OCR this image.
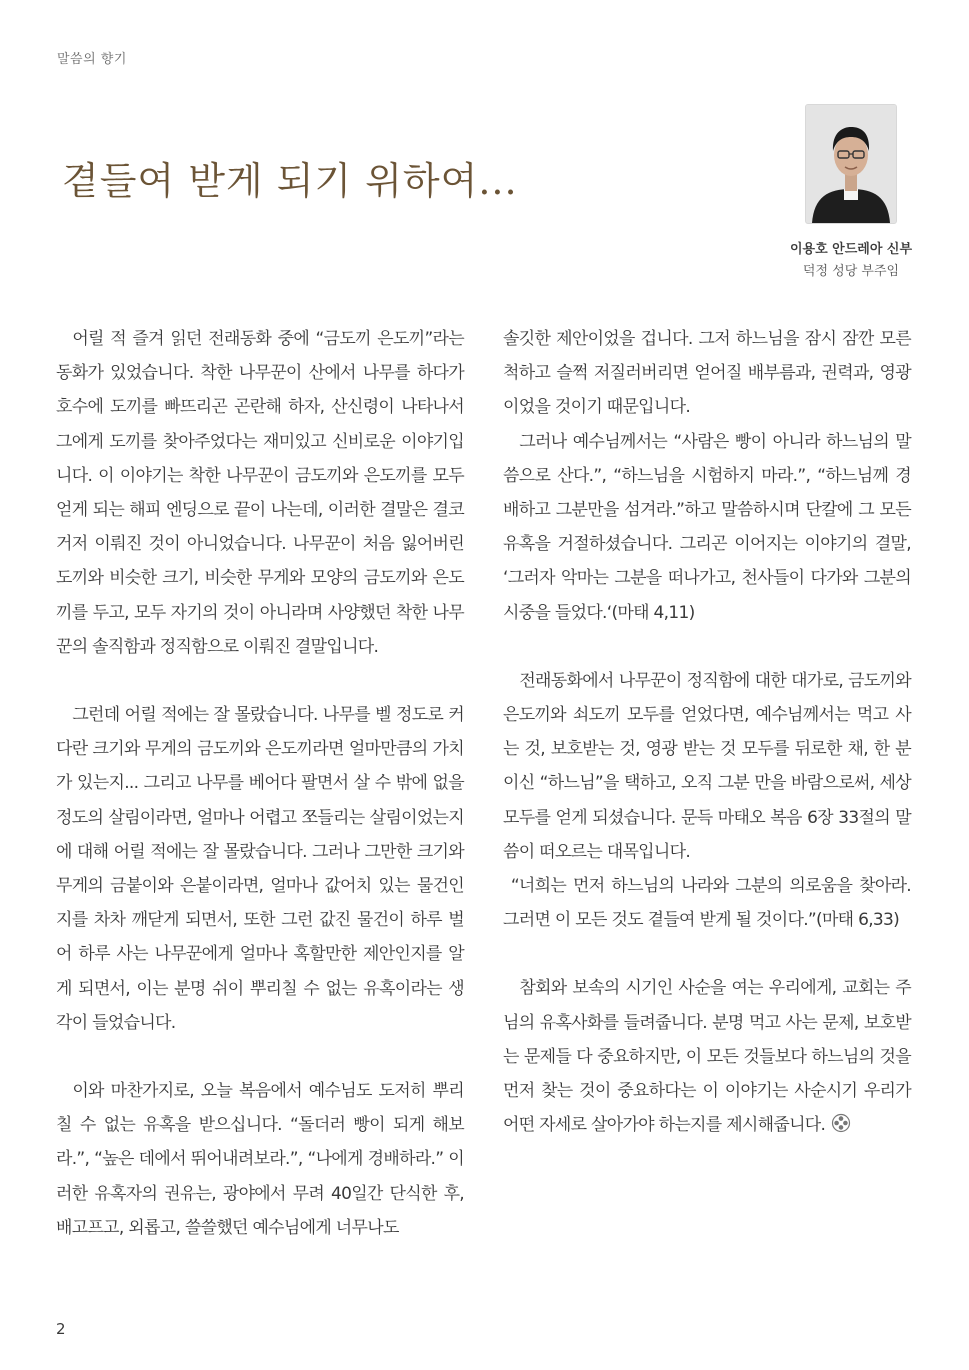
말씀의 향기
곁들여 받게 되기 위하여...
이용호 안드레아 신부
덕정 성당 부주임

 어릴 적 즐겨 읽던 전래동화 중에 “금도끼 은도끼”라는 동화가 있었습니다. 착한 나무꾼이 산에서 나무를 하다가 호수에 도끼를 빠뜨리곤 곤란해 하자, 산신령이 나타나서 그에게 도끼를 찾아주었다는 재미있고 신비로운 이야기입니다. 이 이야기는 착한 나무꾼이 금도끼와 은도끼를 모두 얻게 되는 해피 엔딩으로 끝이 나는데, 이러한 결말은 결코 거저 이뤄진 것이 아니었습니다. 나무꾼이 처음 잃어버린 도끼와 비슷한 크기, 비슷한 무게와 모양의 금도끼와 은도끼를 두고, 모두 자기의 것이 아니라며 사양했던 착한 나무꾼의 솔직함과 정직함으로 이뤄진 결말입니다.

 그런데 어릴 적에는 잘 몰랐습니다. 나무를 벨 정도로 커다란 크기와 무게의 금도끼와 은도끼라면 얼마만큼의 가치가 있는지... 그리고 나무를 베어다 팔면서 살 수 밖에 없을 정도의 살림이라면, 얼마나 어렵고 쪼들리는 살림이었는지에 대해 어릴 적에는 잘 몰랐습니다. 그러나 그만한 크기와 무게의 금붙이와 은붙이라면, 얼마나 값어치 있는 물건인지를 차차 깨닫게 되면서, 또한 그런 값진 물건이 하루 벌어 하루 사는 나무꾼에게 얼마나 혹할만한 제안인지를 알게 되면서, 이는 분명 쉬이 뿌리칠 수 없는 유혹이라는 생각이 들었습니다.

 이와 마찬가지로, 오늘 복음에서 예수님도 도저히 뿌리칠 수 없는 유혹을 받으십니다. “돌더러 빵이 되게 해보라.”, “높은 데에서 뛰어내려보라.”, “나에게 경배하라.” 이러한 유혹자의 권유는, 광야에서 무려 40일간 단식한 후, 배고프고, 외롭고, 쓸쓸했던 예수님에게 너무나도

솔깃한 제안이었을 겁니다. 그저 하느님을 잠시 잠깐 모른척하고 슬쩍 저질러버리면 얻어질 배부름과, 권력과, 영광이었을 것이기 때문입니다.

 그러나 예수님께서는 “사람은 빵이 아니라 하느님의 말씀으로 산다.”, “하느님을 시험하지 마라.”, “하느님께 경배하고 그분만을 섬겨라.”하고 말씀하시며 단칼에 그 모든 유혹을 거절하셨습니다. 그리곤 이어지는 이야기의 결말, ‘그러자 악마는 그분을 떠나가고, 천사들이 다가와 그분의 시중을 들었다.‘(마태 4,11)

 전래동화에서 나무꾼이 정직함에 대한 대가로, 금도끼와 은도끼와 쇠도끼 모두를 얻었다면, 예수님께서는 먹고 사는 것, 보호받는 것, 영광 받는 것 모두를 뒤로한 채, 한 분이신 “하느님”을 택하고, 오직 그분 만을 바람으로써, 세상 모두를 얻게 되셨습니다. 문득 마태오 복음 6장 33절의 말씀이 떠오르는 대목입니다.

 “너희는 먼저 하느님의 나라와 그분의 의로움을 찾아라. 그러면 이 모든 것도 곁들여 받게 될 것이다.”(마태 6,33)

 참회와 보속의 시기인 사순을 여는 우리에게, 교회는 주님의 유혹사화를 들려줍니다. 분명 먹고 사는 문제, 보호받는 문제들 다 중요하지만, 이 모든 것들보다 하느님의 것을 먼저 찾는 것이 중요하다는 이 이야기는 사순시기 우리가 어떤 자세로 살아가야 하는지를 제시해줍니다.

2
